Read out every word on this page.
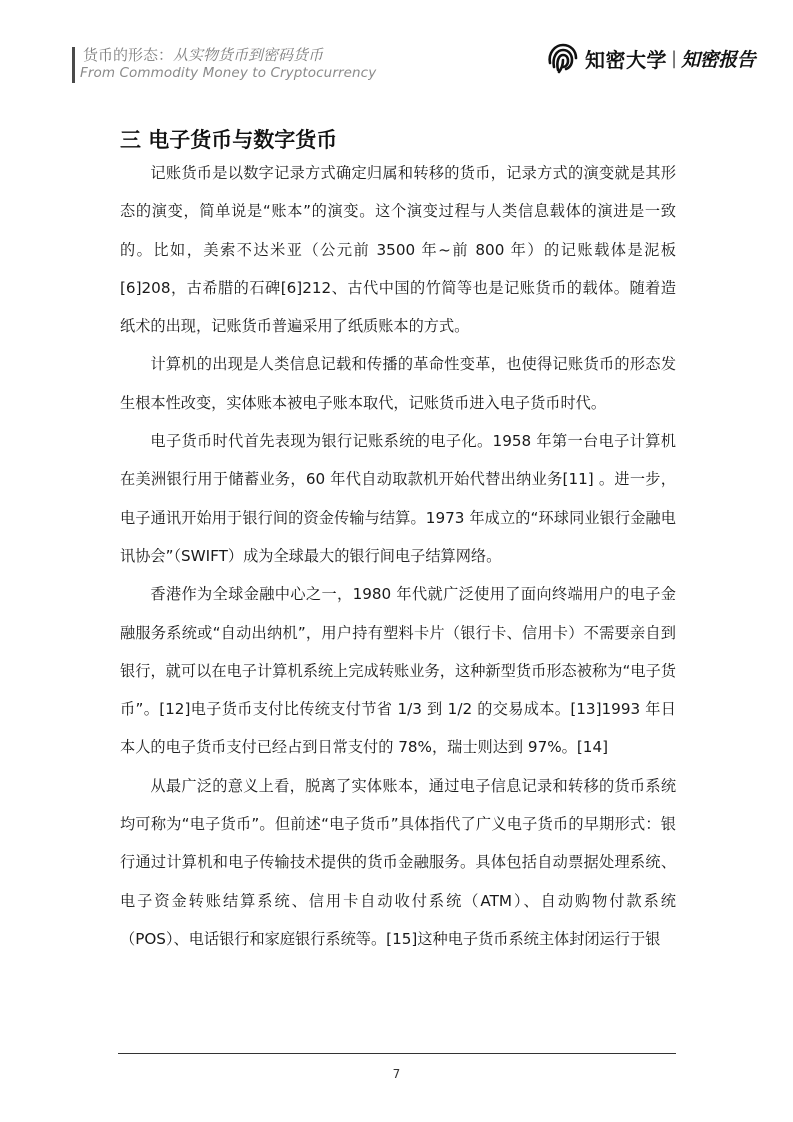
货币的形态：从实物货币到密码货币
From Commodity Money to Cryptocurrency
知密大学 | 知密报告
三 电子货币与数字货币

记账货币是以数字记录方式确定归属和转移的货币，记录方式的演变就是其形态的演变，简单说是“账本”的演变。这个演变过程与人类信息载体的演进是一致的。比如，美索不达米亚（公元前 3500 年~前 800 年）的记账载体是泥板[6]208，古希腊的石碑[6]212、古代中国的竹简等也是记账货币的载体。随着造纸术的出现，记账货币普遍采用了纸质账本的方式。

计算机的出现是人类信息记载和传播的革命性变革，也使得记账货币的形态发生根本性改变，实体账本被电子账本取代，记账货币进入电子货币时代。

电子货币时代首先表现为银行记账系统的电子化。1958 年第一台电子计算机在美洲银行用于储蓄业务，60 年代自动取款机开始代替出纳业务[11] 。进一步，电子通讯开始用于银行间的资金传输与结算。1973 年成立的“环球同业银行金融电讯协会”（SWIFT）成为全球最大的银行间电子结算网络。

香港作为全球金融中心之一，1980 年代就广泛使用了面向终端用户的电子金融服务系统或“自动出纳机”，用户持有塑料卡片（银行卡、信用卡）不需要亲自到银行，就可以在电子计算机系统上完成转账业务，这种新型货币形态被称为“电子货币”。[12]电子货币支付比传统支付节省 1/3 到 1/2 的交易成本。[13]1993 年日本人的电子货币支付已经占到日常支付的 78%，瑞士则达到 97%。[14]

从最广泛的意义上看，脱离了实体账本，通过电子信息记录和转移的货币系统均可称为“电子货币”。但前述“电子货币”具体指代了广义电子货币的早期形式：银行通过计算机和电子传输技术提供的货币金融服务。具体包括自动票据处理系统、电子资金转账结算系统、信用卡自动收付系统（ATM）、自动购物付款系统（POS）、电话银行和家庭银行系统等。[15]这种电子货币系统主体封闭运行于银

7
